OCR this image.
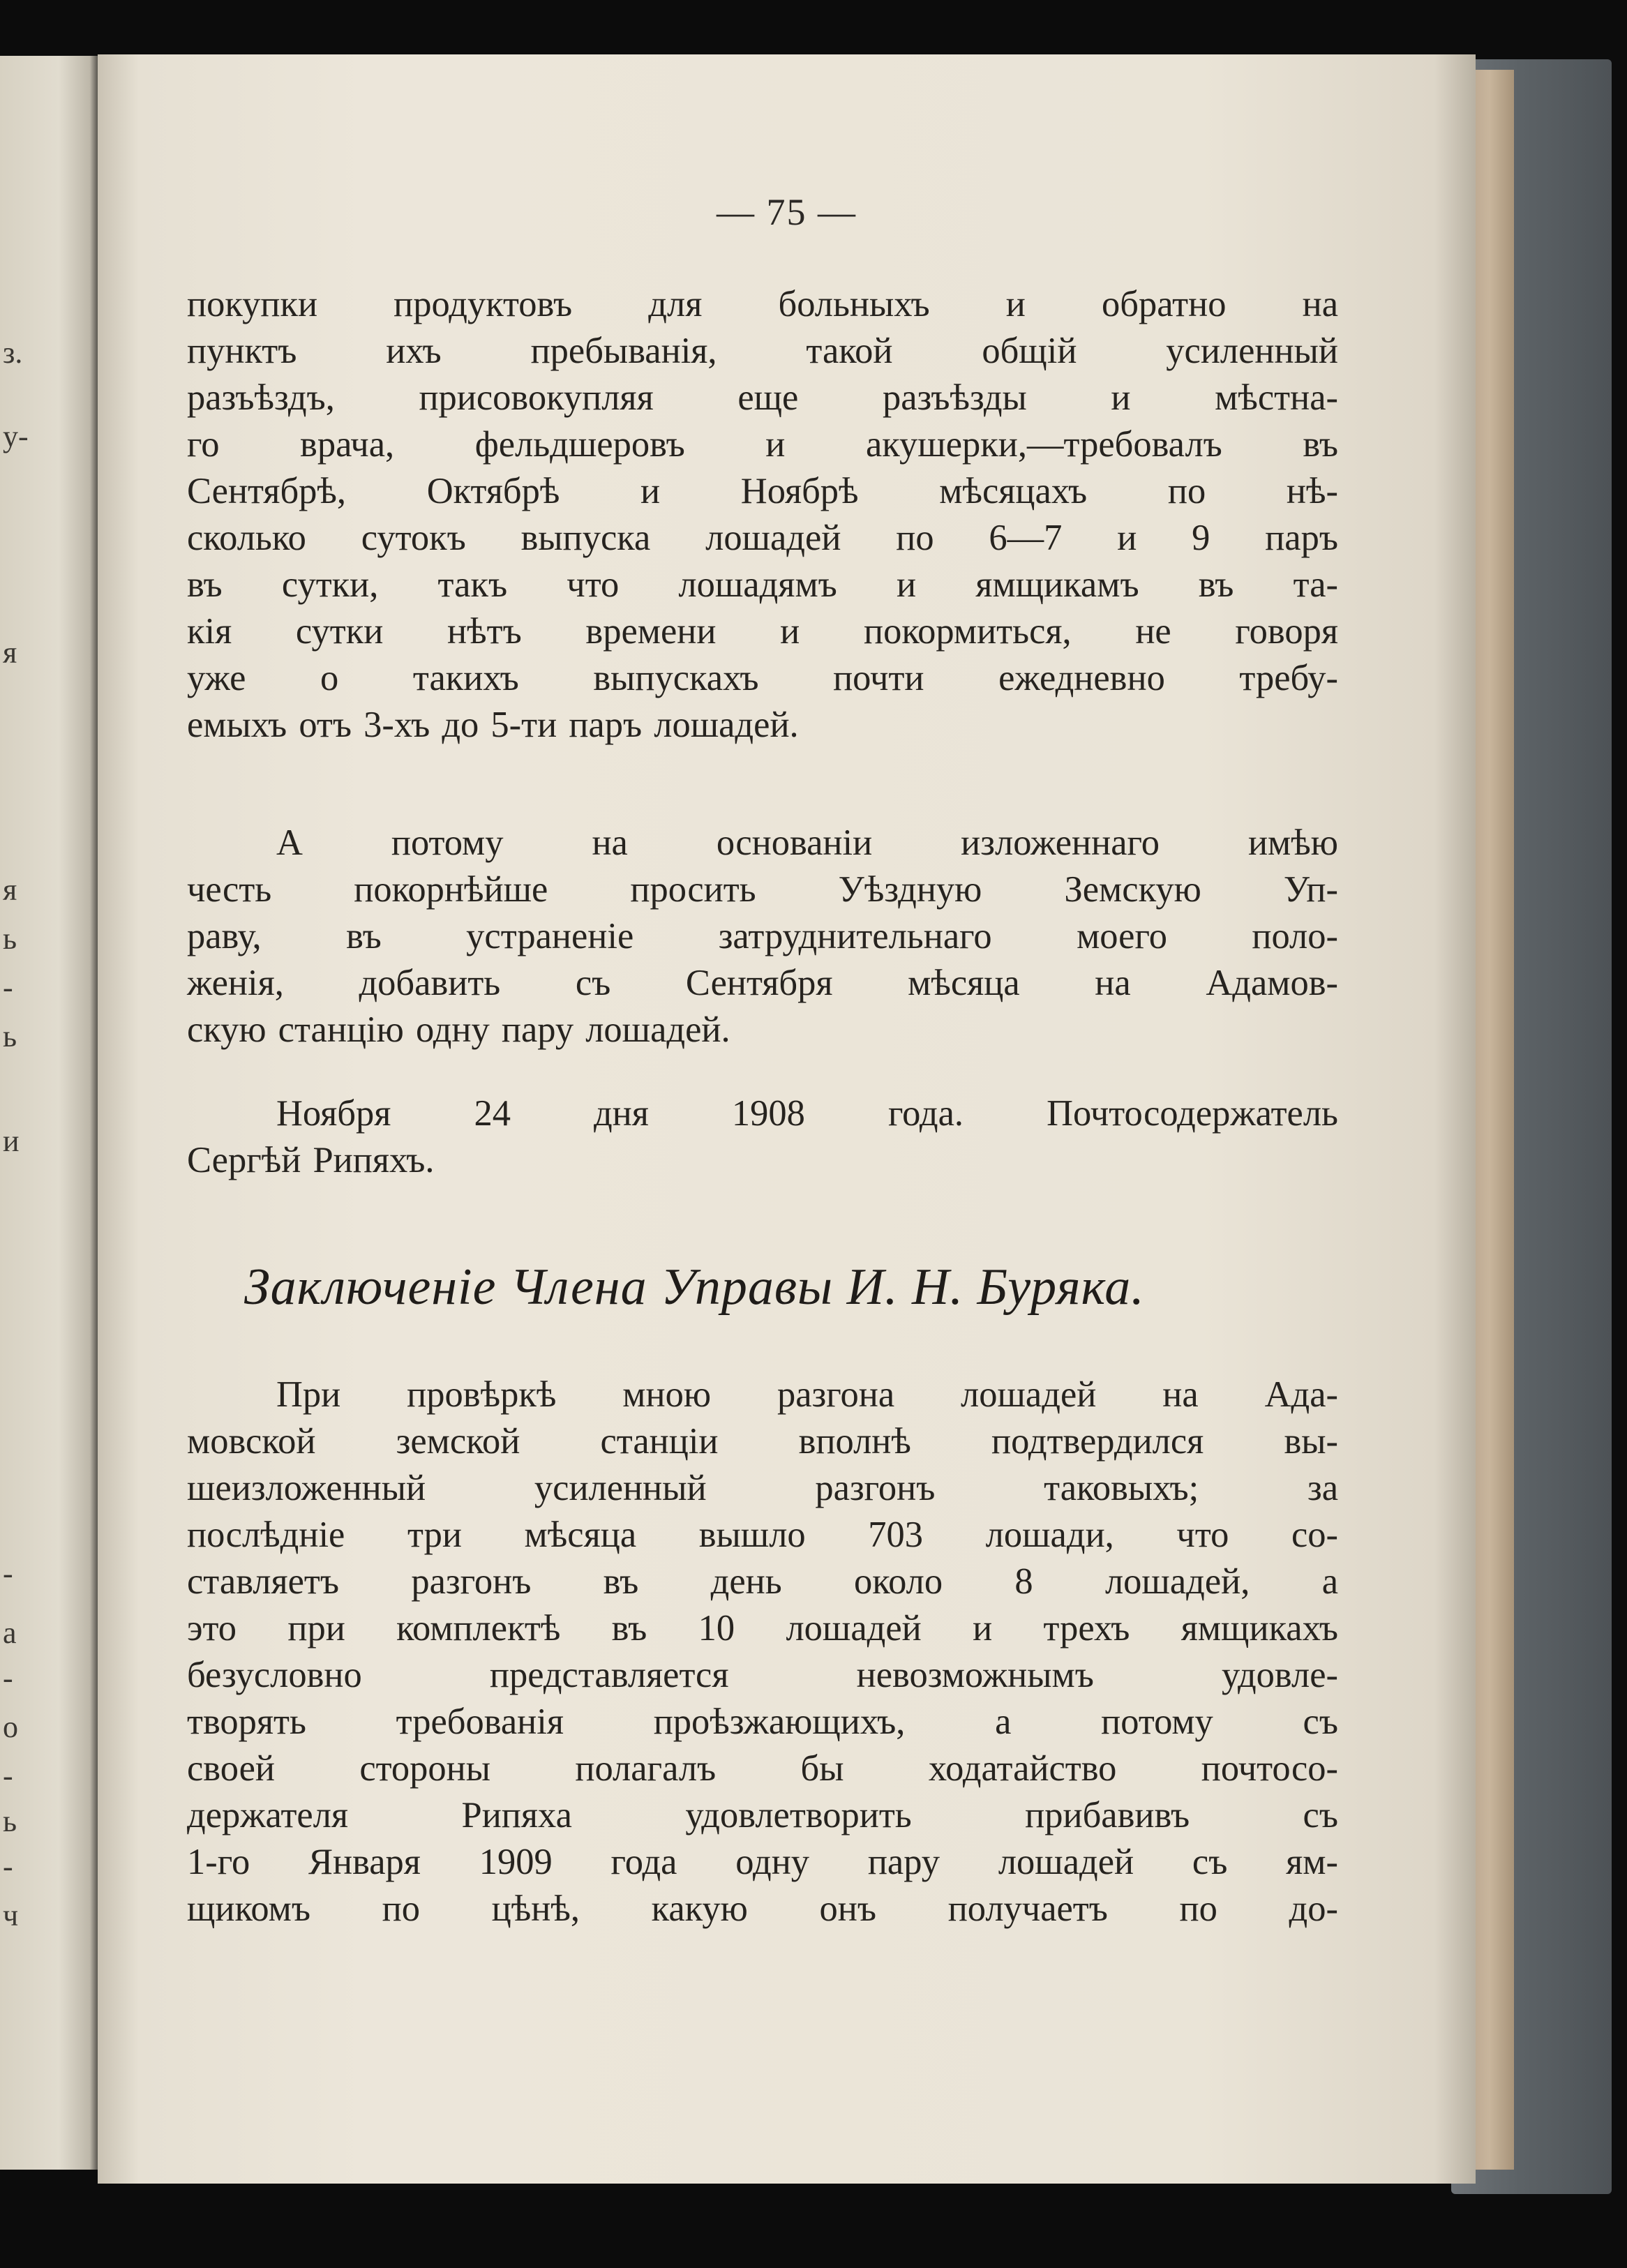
з.
у-
я
я
ь
-
ь
и
-
а
-
о
-
ь
-
ч
— 75 —
покупки продуктовъ для больныхъ и обратно на
пунктъ ихъ пребыванія, такой общій усиленный
разъѣздъ, присовокупляя еще разъѣзды и мѣстна-
го врача, фельдшеровъ и акушерки,—требовалъ въ
Сентябрѣ, Октябрѣ и Ноябрѣ мѣсяцахъ по нѣ-
сколько сутокъ выпуска лошадей по 6—7 и 9 паръ
въ сутки, такъ что лошадямъ и ямщикамъ въ та-
кія сутки нѣтъ времени и покормиться, не говоря
уже о такихъ выпускахъ почти ежедневно требу-
емыхъ отъ 3-хъ до 5-ти паръ лошадей.
А потому на основаніи изложеннаго имѣю
честь покорнѣйше просить Уѣздную Земскую Уп-
раву, въ устраненіе затруднительнаго моего поло-
женія, добавить съ Сентября мѣсяца на Адамов-
скую станцію одну пару лошадей.
Ноября 24 дня 1908 года. Почтосодержатель
Сергѣй Рипяхъ.
Заключеніе Члена Управы И. Н. Буряка.
При провѣркѣ мною разгона лошадей на Ада-
мовской земской станціи вполнѣ подтвердился вы-
шеизложенный усиленный разгонъ таковыхъ; за
послѣдніе три мѣсяца вышло 703 лошади, что со-
ставляетъ разгонъ въ день около 8 лошадей, а
это при комплектѣ въ 10 лошадей и трехъ ямщикахъ
безусловно представляется невозможнымъ удовле-
творять требованія проѣзжающихъ, а потому съ
своей стороны полагалъ бы ходатайство почтосо-
держателя Рипяха удовлетворить прибавивъ съ
1-го Января 1909 года одну пару лошадей съ ям-
щикомъ по цѣнѣ, какую онъ получаетъ по до-
